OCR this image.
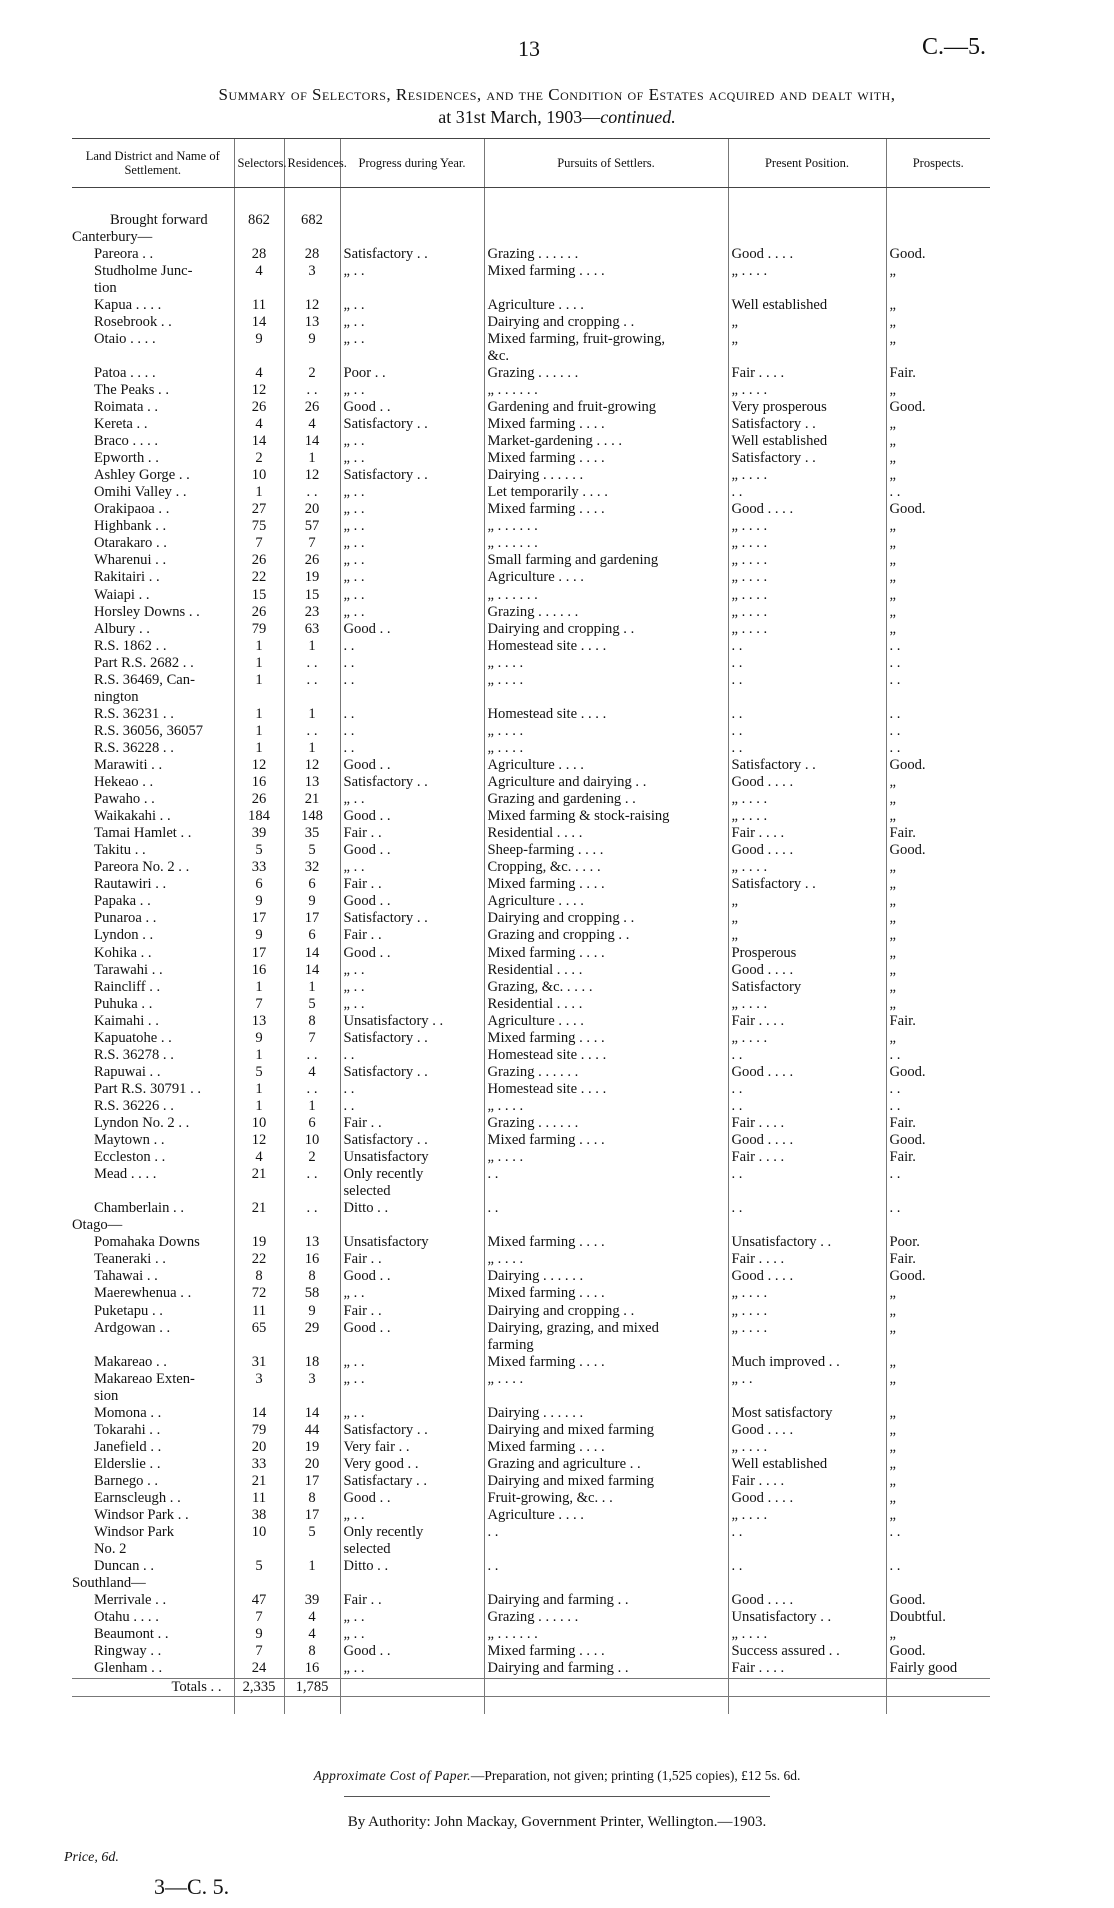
13	C.—5.
Summary of Selectors, Residences, and the Condition of Estates acquired and dealt with,
at 31st March, 1903—continued.
Land District and Name of Settlement.	Selectors.	Residences.	Progress during Year.	Pursuits of Settlers.	Present Position.	Prospects.

Brought forward	862	682				
Canterbury—						
Pareora . .	28	28	Satisfactory . .	Grazing . . . . . .	Good . . . .	Good.
Studholme Junc-	4	3	„ . .	Mixed farming . . . .	„ . . . .	„
tion						
Kapua . . . .	11	12	„ . .	Agriculture . . . .	Well established	„
Rosebrook . .	14	13	„ . .	Dairying and cropping . .	„	„
Otaio . . . .	9	9	„ . .	Mixed farming, fruit-growing,	„	„
				&c.		
Patoa . . . .	4	2	Poor . .	Grazing . . . . . .	Fair . . . .	Fair.
The Peaks . .	12	. .	„ . .	„ . . . . . .	„ . . . .	„
Roimata . .	26	26	Good . .	Gardening and fruit-growing	Very prosperous	Good.
Kereta . .	4	4	Satisfactory . .	Mixed farming . . . .	Satisfactory . .	„
Braco . . . .	14	14	„ . .	Market-gardening . . . .	Well established	„
Epworth . .	2	1	„ . .	Mixed farming . . . .	Satisfactory . .	„
Ashley Gorge . .	10	12	Satisfactory . .	Dairying . . . . . .	„ . . . .	„
Omihi Valley . .	1	. .	„ . .	Let temporarily . . . .	. .	. .
Orakipaoa . .	27	20	„ . .	Mixed farming . . . .	Good . . . .	Good.
Highbank . .	75	57	„ . .	„ . . . . . .	„ . . . .	„
Otarakaro . .	7	7	„ . .	„ . . . . . .	„ . . . .	„
Wharenui . .	26	26	„ . .	Small farming and gardening	„ . . . .	„
Rakitairi . .	22	19	„ . .	Agriculture . . . .	„ . . . .	„
Waiapi . .	15	15	„ . .	„ . . . . . .	„ . . . .	„
Horsley Downs . .	26	23	„ . .	Grazing . . . . . .	„ . . . .	„
Albury . .	79	63	Good . .	Dairying and cropping . .	„ . . . .	„
R.S. 1862 . .	1	1	. .	Homestead site . . . .	. .	. .
Part R.S. 2682 . .	1	. .	. .	„ . . . .	. .	. .
R.S. 36469, Can-	1	. .	. .	„ . . . .	. .	. .
nington						
R.S. 36231 . .	1	1	. .	Homestead site . . . .	. .	. .
R.S. 36056, 36057	1	. .	. .	„ . . . .	. .	. .
R.S. 36228 . .	1	1	. .	„ . . . .	. .	. .
Marawiti . .	12	12	Good . .	Agriculture . . . .	Satisfactory . .	Good.
Hekeao . .	16	13	Satisfactory . .	Agriculture and dairying . .	Good . . . .	„
Pawaho . .	26	21	„ . .	Grazing and gardening . .	„ . . . .	„
Waikakahi . .	184	148	Good . .	Mixed farming & stock-raising	„ . . . .	„
Tamai Hamlet . .	39	35	Fair . .	Residential . . . .	Fair . . . .	Fair.
Takitu . .	5	5	Good . .	Sheep-farming . . . .	Good . . . .	Good.
Pareora No. 2 . .	33	32	„ . .	Cropping, &c. . . . .	„ . . . .	„
Rautawiri . .	6	6	Fair . .	Mixed farming . . . .	Satisfactory . .	„
Papaka . .	9	9	Good . .	Agriculture . . . .	„	„
Punaroa . .	17	17	Satisfactory . .	Dairying and cropping . .	„	„
Lyndon . .	9	6	Fair . .	Grazing and cropping . .	„	„
Kohika . .	17	14	Good . .	Mixed farming . . . .	Prosperous	„
Tarawahi . .	16	14	„ . .	Residential . . . .	Good . . . .	„
Raincliff . .	1	1	„ . .	Grazing, &c. . . . .	Satisfactory	„
Puhuka . .	7	5	„ . .	Residential . . . .	„ . . . .	„
Kaimahi . .	13	8	Unsatisfactory . .	Agriculture . . . .	Fair . . . .	Fair.
Kapuatohe . .	9	7	Satisfactory . .	Mixed farming . . . .	„ . . . .	„
R.S. 36278 . .	1	. .	. .	Homestead site . . . .	. .	. .
Rapuwai . .	5	4	Satisfactory . .	Grazing . . . . . .	Good . . . .	Good.
Part R.S. 30791 . .	1	. .	. .	Homestead site . . . .	. .	. .
R.S. 36226 . .	1	1	. .	„ . . . .	. .	. .
Lyndon No. 2 . .	10	6	Fair . .	Grazing . . . . . .	Fair . . . .	Fair.
Maytown . .	12	10	Satisfactory . .	Mixed farming . . . .	Good . . . .	Good.
Eccleston . .	4	2	Unsatisfactory	„ . . . .	Fair . . . .	Fair.
Mead . . . .	21	. .	Only recently	. .	. .	. .
			selected			
Chamberlain . .	21	. .	Ditto . .	. .	. .	. .
Otago—						
Pomahaka Downs	19	13	Unsatisfactory	Mixed farming . . . .	Unsatisfactory . .	Poor.
Teaneraki . .	22	16	Fair . .	„ . . . .	Fair . . . .	Fair.
Tahawai . .	8	8	Good . .	Dairying . . . . . .	Good . . . .	Good.
Maerewhenua . .	72	58	„ . .	Mixed farming . . . .	„ . . . .	„
Puketapu . .	11	9	Fair . .	Dairying and cropping . .	„ . . . .	„
Ardgowan . .	65	29	Good . .	Dairying, grazing, and mixed	„ . . . .	„
				farming		
Makareao . .	31	18	„ . .	Mixed farming . . . .	Much improved . .	„
Makareao Exten-	3	3	„ . .	„ . . . .	„ . .	„
sion						
Momona . .	14	14	„ . .	Dairying . . . . . .	Most satisfactory	„
Tokarahi . .	79	44	Satisfactory . .	Dairying and mixed farming	Good . . . .	„
Janefield . .	20	19	Very fair . .	Mixed farming . . . .	„ . . . .	„
Elderslie . .	33	20	Very good . .	Grazing and agriculture . .	Well established	„
Barnego . .	21	17	Satisfactary . .	Dairying and mixed farming	Fair . . . .	„
Earnscleugh . .	11	8	Good . .	Fruit-growing, &c. . .	Good . . . .	„
Windsor Park . .	38	17	„ . .	Agriculture . . . .	„ . . . .	„
Windsor Park	10	5	Only recently	. .	. .	. .
No. 2			selected			
Duncan . .	5	1	Ditto . .	. .	. .	. .
Southland—						
Merrivale . .	47	39	Fair . .	Dairying and farming . .	Good . . . .	Good.
Otahu . . . .	7	4	„ . .	Grazing . . . . . .	Unsatisfactory . .	Doubtful.
Beaumont . .	9	4	„ . .	„ . . . . . .	„ . . . .	„
Ringway . .	7	8	Good . .	Mixed farming . . . .	Success assured . .	Good.
Glenham . .	24	16	„ . .	Dairying and farming . .	Fair . . . .	Fairly good
Totals . .	2,335	1,785				

Approximate Cost of Paper.—Preparation, not given; printing (1,525 copies), £12 5s. 6d.
By Authority: John Mackay, Government Printer, Wellington.—1903.
Price, 6d.
3—C. 5.
